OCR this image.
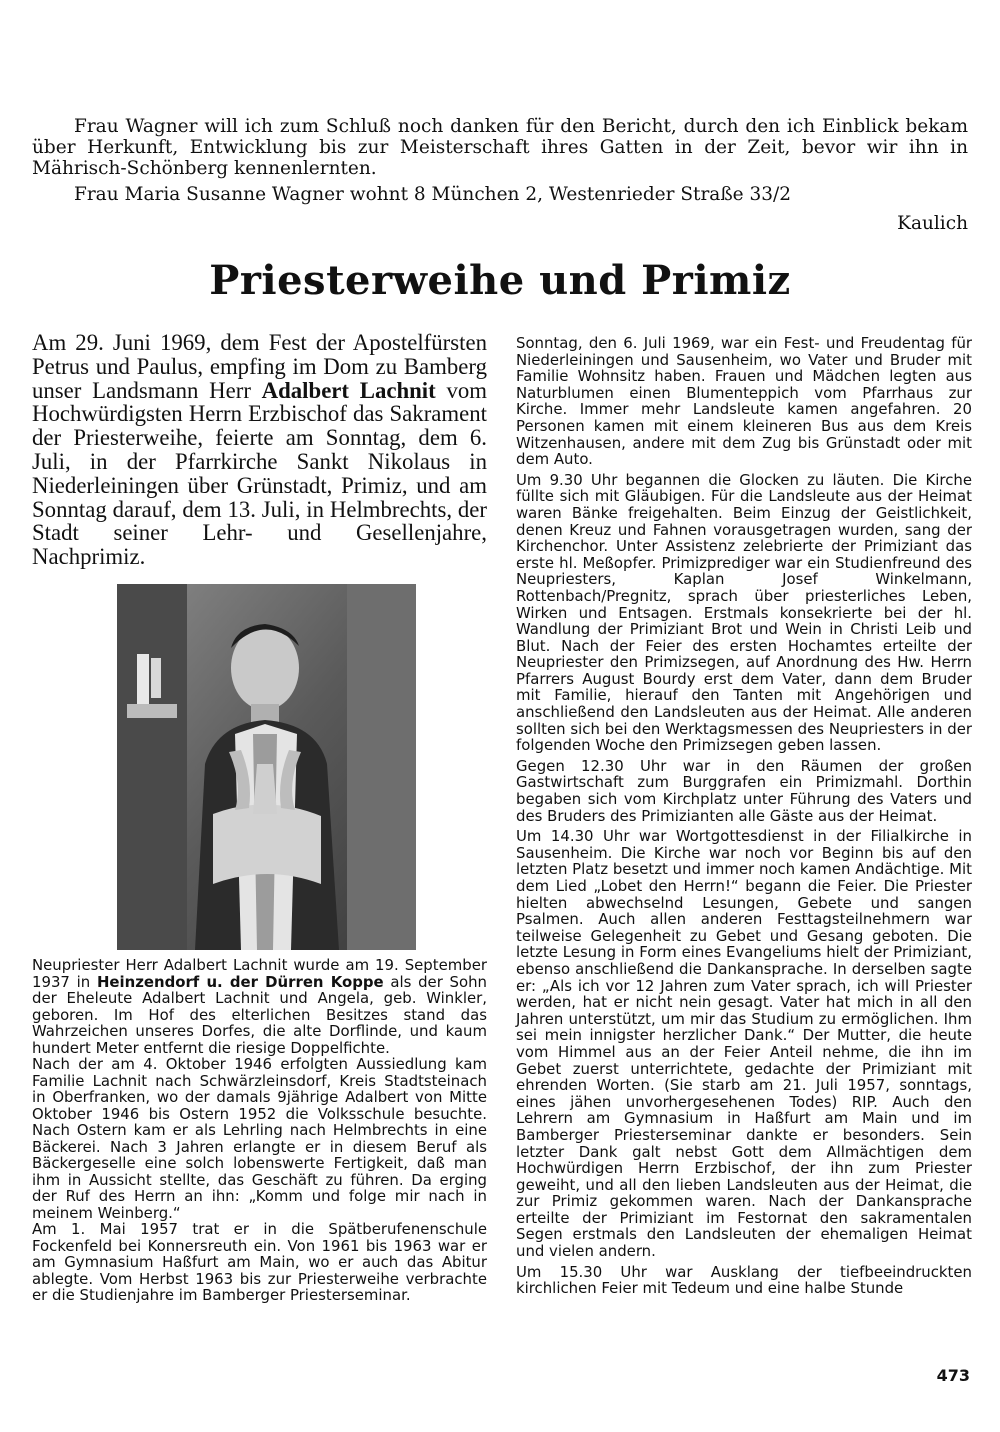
Frau Wagner will ich zum Schluß noch danken für den Bericht, durch den ich Einblick bekam über Herkunft, Entwicklung bis zur Meisterschaft ihres Gatten in der Zeit, bevor wir ihn in Mährisch-Schönberg kennenlernten.

Frau Maria Susanne Wagner wohnt 8 München 2, Westenrieder Straße 33/2

Kaulich

Priesterweihe und Primiz

Am 29. Juni 1969, dem Fest der Apostelfürsten Petrus und Paulus, empfing im Dom zu Bamberg unser Landsmann Herr Adalbert Lachnit vom Hochwürdigsten Herrn Erzbischof das Sakrament der Priesterweihe, feierte am Sonntag, dem 6. Juli, in der Pfarrkirche Sankt Nikolaus in Niederleiningen über Grünstadt, Primiz, und am Sonntag darauf, dem 13. Juli, in Helmbrechts, der Stadt seiner Lehr- und Gesellenjahre, Nachprimiz.

Neupriester Herr Adalbert Lachnit wurde am 19. September 1937 in Heinzendorf u. der Dürren Koppe als der Sohn der Eheleute Adalbert Lachnit und Angela, geb. Winkler, geboren. Im Hof des elterlichen Besitzes stand das Wahrzeichen unseres Dorfes, die alte Dorflinde, und kaum hundert Meter entfernt die riesige Doppelfichte.

Nach der am 4. Oktober 1946 erfolgten Aussiedlung kam Familie Lachnit nach Schwärzleinsdorf, Kreis Stadtsteinach in Oberfranken, wo der damals 9jährige Adalbert von Mitte Oktober 1946 bis Ostern 1952 die Volksschule besuchte. Nach Ostern kam er als Lehrling nach Helmbrechts in eine Bäckerei. Nach 3 Jahren erlangte er in diesem Beruf als Bäckergeselle eine solch lobenswerte Fertigkeit, daß man ihm in Aussicht stellte, das Geschäft zu führen. Da erging der Ruf des Herrn an ihn: „Komm und folge mir nach in meinem Weinberg.“

Am 1. Mai 1957 trat er in die Spätberufenenschule Fockenfeld bei Konnersreuth ein. Von 1961 bis 1963 war er am Gymnasium Haßfurt am Main, wo er auch das Abitur ablegte. Vom Herbst 1963 bis zur Priesterweihe verbrachte er die Studienjahre im Bamberger Priesterseminar.

Sonntag, den 6. Juli 1969, war ein Fest- und Freudentag für Niederleiningen und Sausenheim, wo Vater und Bruder mit Familie Wohnsitz haben. Frauen und Mädchen legten aus Naturblumen einen Blumenteppich vom Pfarrhaus zur Kirche. Immer mehr Landsleute kamen angefahren. 20 Personen kamen mit einem kleineren Bus aus dem Kreis Witzenhausen, andere mit dem Zug bis Grünstadt oder mit dem Auto.

Um 9.30 Uhr begannen die Glocken zu läuten. Die Kirche füllte sich mit Gläubigen. Für die Landsleute aus der Heimat waren Bänke freigehalten. Beim Einzug der Geistlichkeit, denen Kreuz und Fahnen vorausgetragen wurden, sang der Kirchenchor. Unter Assistenz zelebrierte der Primiziant das erste hl. Meßopfer. Primizprediger war ein Studienfreund des Neupriesters, Kaplan Josef Winkelmann, Rottenbach/Pregnitz, sprach über priesterliches Leben, Wirken und Entsagen. Erstmals konsekrierte bei der hl. Wandlung der Primiziant Brot und Wein in Christi Leib und Blut. Nach der Feier des ersten Hochamtes erteilte der Neupriester den Primizsegen, auf Anordnung des Hw. Herrn Pfarrers August Bourdy erst dem Vater, dann dem Bruder mit Familie, hierauf den Tanten mit Angehörigen und anschließend den Landsleuten aus der Heimat. Alle anderen sollten sich bei den Werktagsmessen des Neupriesters in der folgenden Woche den Primizsegen geben lassen.

Gegen 12.30 Uhr war in den Räumen der großen Gastwirtschaft zum Burggrafen ein Primizmahl. Dorthin begaben sich vom Kirchplatz unter Führung des Vaters und des Bruders des Primizianten alle Gäste aus der Heimat.

Um 14.30 Uhr war Wortgottesdienst in der Filialkirche in Sausenheim. Die Kirche war noch vor Beginn bis auf den letzten Platz besetzt und immer noch kamen Andächtige. Mit dem Lied „Lobet den Herrn!“ begann die Feier. Die Priester hielten abwechselnd Lesungen, Gebete und sangen Psalmen. Auch allen anderen Festtagsteilnehmern war teilweise Gelegenheit zu Gebet und Gesang geboten. Die letzte Lesung in Form eines Evangeliums hielt der Primiziant, ebenso anschließend die Dankansprache. In derselben sagte er: „Als ich vor 12 Jahren zum Vater sprach, ich will Priester werden, hat er nicht nein gesagt. Vater hat mich in all den Jahren unterstützt, um mir das Studium zu ermöglichen. Ihm sei mein innigster herzlicher Dank.“ Der Mutter, die heute vom Himmel aus an der Feier Anteil nehme, die ihn im Gebet zuerst unterrichtete, gedachte der Primiziant mit ehrenden Worten. (Sie starb am 21. Juli 1957, sonntags, eines jähen unvorhergesehenen Todes) RIP. Auch den Lehrern am Gymnasium in Haßfurt am Main und im Bamberger Priesterseminar dankte er besonders. Sein letzter Dank galt nebst Gott dem Allmächtigen dem Hochwürdigen Herrn Erzbischof, der ihn zum Priester geweiht, und all den lieben Landsleuten aus der Heimat, die zur Primiz gekommen waren. Nach der Dankansprache erteilte der Primiziant im Festornat den sakramentalen Segen erstmals den Landsleuten der ehemaligen Heimat und vielen andern.

Um 15.30 Uhr war Ausklang der tiefbeeindruckten kirchlichen Feier mit Tedeum und eine halbe Stunde

473
